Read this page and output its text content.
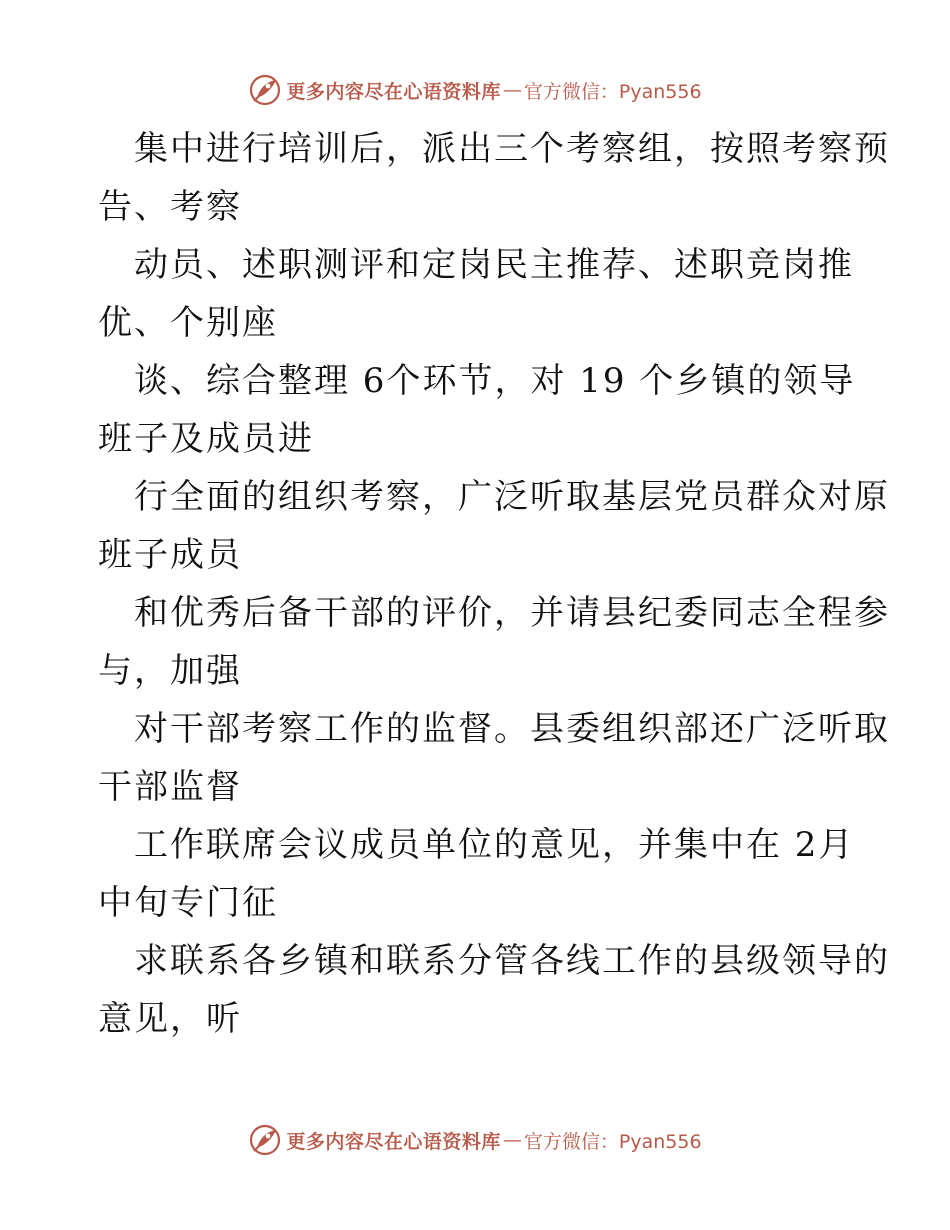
更多内容尽在心语资料库 — 官方微信：Pyan556
集中进行培训后，派出三个考察组，按照考察预
告、考察
动员、述职测评和定岗民主推荐、述职竞岗推
优、个别座
谈、综合整理 6个环节，对 19 个乡镇的领导
班子及成员进
行全面的组织考察，广泛听取基层党员群众对原
班子成员
和优秀后备干部的评价，并请县纪委同志全程参
与，加强
对干部考察工作的监督。县委组织部还广泛听取
干部监督
工作联席会议成员单位的意见，并集中在 2月
中旬专门征
求联系各乡镇和联系分管各线工作的县级领导的
意见，听
更多内容尽在心语资料库 — 官方微信：Pyan556
